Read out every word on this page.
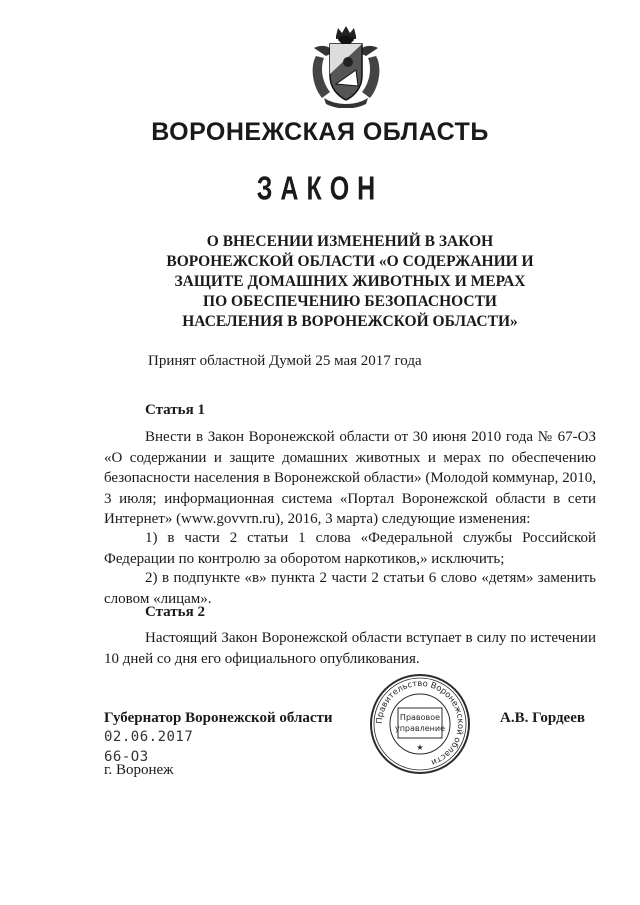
ВОРОНЕЖСКАЯ ОБЛАСТЬ
ЗАКОН
О ВНЕСЕНИИ ИЗМЕНЕНИЙ В ЗАКОН
ВОРОНЕЖСКОЙ ОБЛАСТИ «О СОДЕРЖАНИИ И
ЗАЩИТЕ ДОМАШНИХ ЖИВОТНЫХ И МЕРАХ
ПО ОБЕСПЕЧЕНИЮ БЕЗОПАСНОСТИ
НАСЕЛЕНИЯ В ВОРОНЕЖСКОЙ ОБЛАСТИ»
Принят областной Думой 25 мая 2017 года
Статья 1

Внести в Закон Воронежской области от 30 июня 2010 года № 67-ОЗ «О содержании и защите домашних животных и мерах по обеспечению безопасности населения в Воронежской области» (Молодой коммунар, 2010, 3 июля; информационная система «Портал Воронежской области в сети Интернет» (www.govvrn.ru), 2016, 3 марта) следующие изменения:

1) в части 2 статьи 1 слова «Федеральной службы Российской Федерации по контролю за оборотом наркотиков,» исключить;

2) в подпункте «в» пункта 2 части 2 статьи 6 слово «детям» заменить словом «лицам».

Статья 2

Настоящий Закон Воронежской области вступает в силу по истечении 10 дней со дня его официального опубликования.

Губернатор Воронежской области	А.В. Гордеев
02.06.2017
66-ОЗ
г. Воронеж
Правительство Воронежской области
Правовое
управление
★
